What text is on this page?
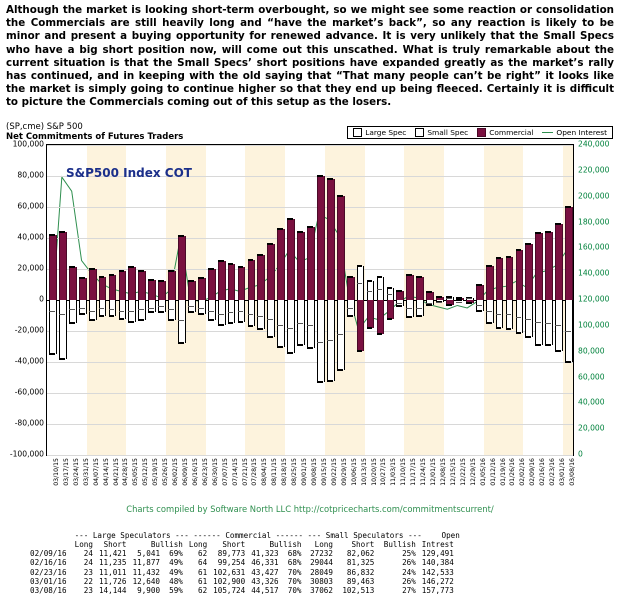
Although the market is looking short-term overbought, so we might see some reaction or consolidation the Commercials are still heavily long and “have the market’s back”, so any reaction is likely to be minor and present a buying opportunity for renewed advance. It is very unlikely that the Small Specs who have a big short position now, will come out this unscathed. What is truly remarkable about the current situation is that the Small Specs’ short positions have expanded greatly as the market’s rally has continued, and in keeping with the old saying that “That many people can’t be right” it looks like the market is simply going to continue higher so that they end up being fleeced. Certainly it is difficult to picture the Commercials coming out of this setup as the losers.
(SP,cme) S&P 500
Net Commitments of Futures Traders	Large Spec	Small Spec	Commercial	Open Interest
-100,000
-80,000
-60,000
-40,000
-20,000
0
20,000
40,000
60,000
80,000
100,000
0
20,000
40,000
60,000
80,000
100,000
120,000
140,000
160,000
180,000
200,000
220,000
240,000
S&P500 Index COT
03/10/15 03/17/15 03/24/15 03/31/15 04/07/15 04/14/15 04/21/15 04/28/15 05/05/15 05/12/15 05/19/15 05/26/15 06/02/15 06/09/15 06/16/15 06/23/15 06/30/15 07/07/15 07/14/15 07/21/15 07/28/15 08/04/15 08/11/15 08/18/15 08/25/15 09/01/15 09/08/15 09/15/15 09/22/15 09/29/15 10/06/15 10/13/15 10/20/15 10/27/15 11/03/15 11/10/15 11/17/15 11/24/15 12/01/15 12/08/15 12/15/15 12/22/15 12/29/15 01/05/16 01/12/16 01/19/16 01/26/16 02/02/16 02/09/16 02/16/16 02/23/16 03/01/16 03/08/16
Charts compiled by Software North LLC http://cotpricecharts.com/commitmentscurrent/

	--- Large Speculators ---			------ Commercial ------			--- Small Speculators ---			Open
	Long	Short	Bullish	Long	Short	Bullish	Long	Short	Bullish	Intrest
02/09/16	24	11,421	5,041  69%	62	89,773	41,323  68%	27232	82,062	25%	129,491
02/16/16	24	11,235	11,877  49%	64	99,254	46,331  68%	29044	81,325	26%	140,384
02/23/16	23	11,011	11,432  49%	61	102,631	43,427  70%	28049	86,832	24%	142,533
03/01/16	22	11,726	12,640  48%	61	102,900	43,326  70%	30803	89,463	26%	146,272
03/08/16	23	14,144	9,900  59%	62	105,724	44,517  70%	37062	102,513	27%	157,773
